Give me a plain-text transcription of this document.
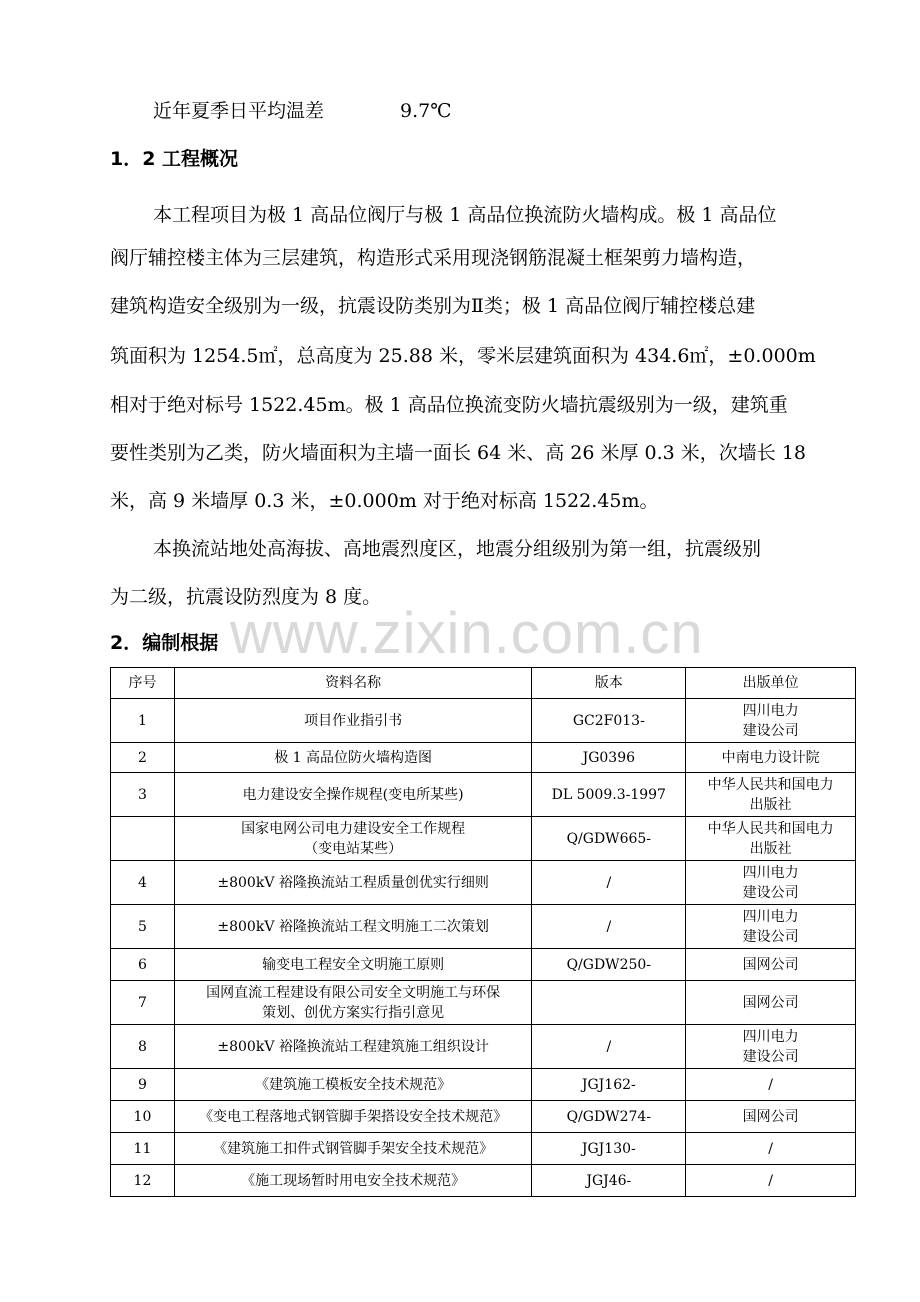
www.zixin.com.cn
近年夏季日平均温差	9.7℃
1．2 工程概况
本工程项目为极 1 高品位阀厅与极 1 高品位换流防火墙构成。极 1 高品位
阀厅辅控楼主体为三层建筑，构造形式采用现浇钢筋混凝土框架剪力墙构造，
建筑构造安全级别为一级，抗震设防类别为Ⅱ类；极 1 高品位阀厅辅控楼总建
筑面积为 1254.5㎡，总高度为 25.88 米，零米层建筑面积为 434.6㎡，±0.000m
相对于绝对标号 1522.45m。极 1 高品位换流变防火墙抗震级别为一级，建筑重
要性类别为乙类，防火墙面积为主墙一面长 64 米、高 26 米厚 0.3 米，次墙长 18
米，高 9 米墙厚 0.3 米，±0.000m 对于绝对标高 1522.45m。
本换流站地处高海拔、高地震烈度区，地震分组级别为第一组，抗震级别
为二级，抗震设防烈度为 8 度。
2．编制根据
序号	资料名称	版本	出版单位
1	项目作业指引书	GC2F013-	四川电力
建设公司
2	极 1 高品位防火墙构造图	JG0396	中南电力设计院
3	电力建设安全操作规程(变电所某些)	DL 5009.3-1997	中华人民共和国电力
出版社
	国家电网公司电力建设安全工作规程
（变电站某些）	Q/GDW665-	中华人民共和国电力
出版社
4	±800kV 裕隆换流站工程质量创优实行细则	/	四川电力
建设公司
5	±800kV 裕隆换流站工程文明施工二次策划	/	四川电力
建设公司
6	输变电工程安全文明施工原则	Q/GDW250-	国网公司
7	国网直流工程建设有限公司安全文明施工与环保
策划、创优方案实行指引意见		国网公司
8	±800kV 裕隆换流站工程建筑施工组织设计	/	四川电力
建设公司
9	《建筑施工模板安全技术规范》	JGJ162-	/
10	《变电工程落地式钢管脚手架搭设安全技术规范》	Q/GDW274-	国网公司
11	《建筑施工扣件式钢管脚手架安全技术规范》	JGJ130-	/
12	《施工现场暂时用电安全技术规范》	JGJ46-	/
